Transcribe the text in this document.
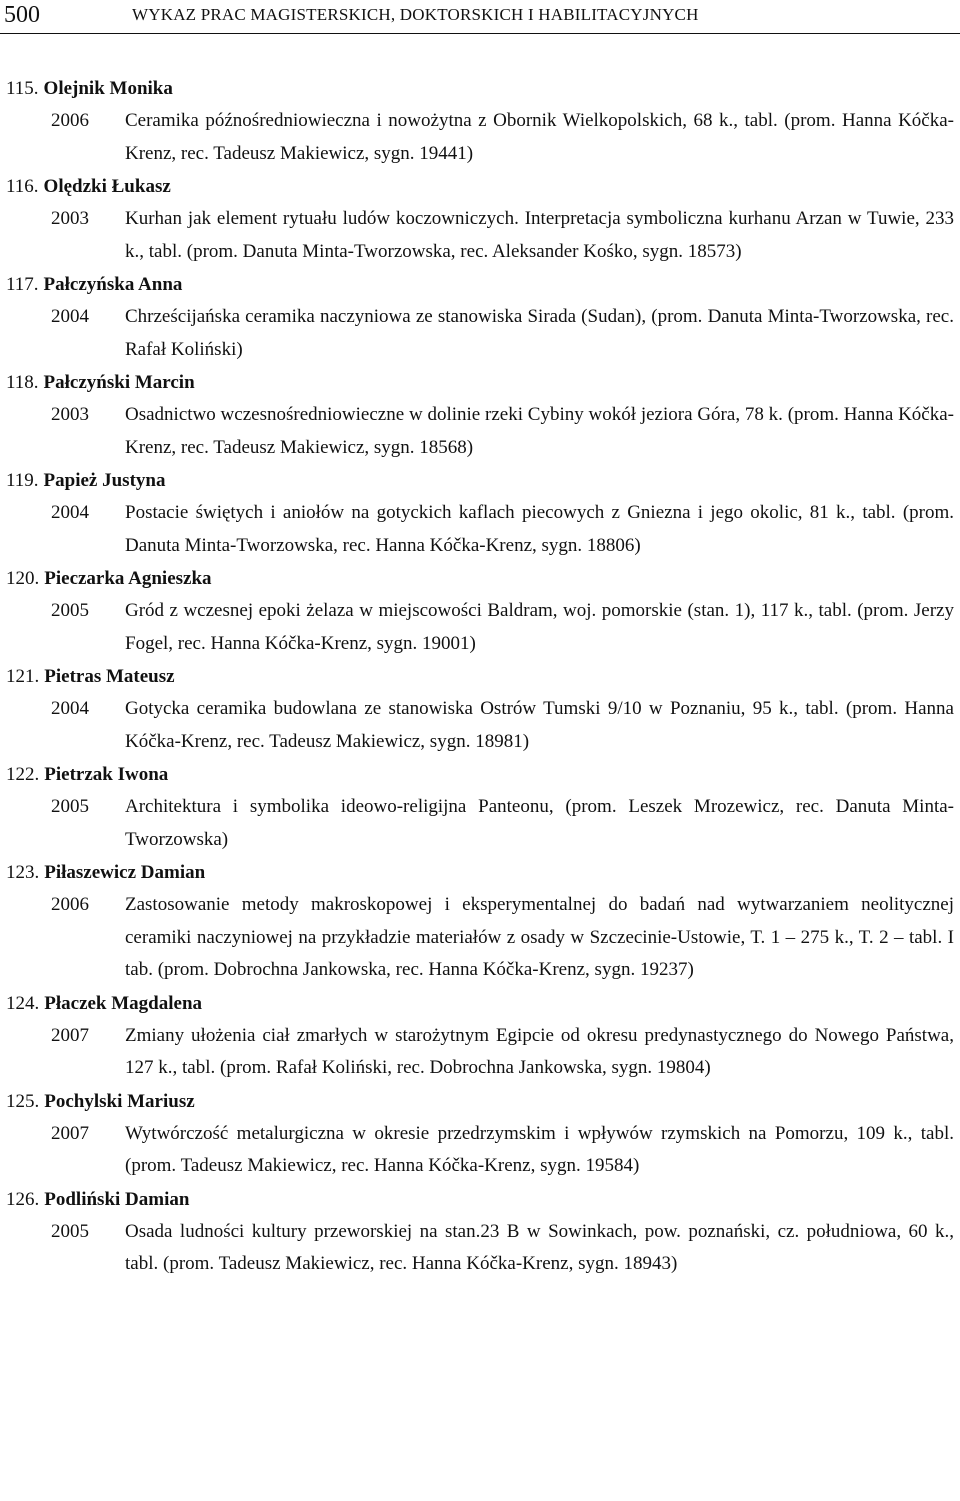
500	WYKAZ PRAC MAGISTERSKICH, DOKTORSKICH I HABILITACYJNYCH
115. Olejnik Monika
2006 Ceramika późnośredniowieczna i nowożytna z Obornik Wielkopolskich, 68 k., tabl. (prom. Hanna Kóčka-Krenz, rec. Tadeusz Makiewicz, sygn. 19441)
116. Olędzki Łukasz
2003 Kurhan jak element rytuału ludów koczowniczych. Interpretacja symboliczna kurhanu Arzan w Tuwie, 233 k., tabl. (prom. Danuta Minta-Tworzowska, rec. Aleksander Kośko, sygn. 18573)
117. Pałczyńska Anna
2004 Chrześcijańska ceramika naczyniowa ze stanowiska Sirada (Sudan), (prom. Danuta Minta-Tworzowska, rec. Rafał Koliński)
118. Pałczyński Marcin
2003 Osadnictwo wczesnośredniowieczne w dolinie rzeki Cybiny wokół jeziora Góra, 78 k. (prom. Hanna Kóčka-Krenz, rec. Tadeusz Makiewicz, sygn. 18568)
119. Papież Justyna
2004 Postacie świętych i aniołów na gotyckich kaflach piecowych z Gniezna i jego okolic, 81 k., tabl. (prom. Danuta Minta-Tworzowska, rec. Hanna Kóčka-Krenz, sygn. 18806)
120. Pieczarka Agnieszka
2005 Gród z wczesnej epoki żelaza w miejscowości Baldram, woj. pomorskie (stan. 1), 117 k., tabl. (prom. Jerzy Fogel, rec. Hanna Kóčka-Krenz, sygn. 19001)
121. Pietras Mateusz
2004 Gotycka ceramika budowlana ze stanowiska Ostrów Tumski 9/10 w Poznaniu, 95 k., tabl. (prom. Hanna Kóčka-Krenz, rec. Tadeusz Makiewicz, sygn. 18981)
122. Pietrzak Iwona
2005 Architektura i symbolika ideowo-religijna Panteonu, (prom. Leszek Mrozewicz, rec. Danuta Minta-Tworzowska)
123. Piłaszewicz Damian
2006 Zastosowanie metody makroskopowej i eksperymentalnej do badań nad wytwarzaniem neolitycznej ceramiki naczyniowej na przykładzie materiałów z osady w Szczecinie-Ustowie, T. 1 – 275 k., T. 2 – tabl. I tab. (prom. Dobrochna Jankowska, rec. Hanna Kóčka-Krenz, sygn. 19237)
124. Płaczek Magdalena
2007 Zmiany ułożenia ciał zmarłych w starożytnym Egipcie od okresu predynastycznego do Nowego Państwa, 127 k., tabl. (prom. Rafał Koliński, rec. Dobrochna Jankowska, sygn. 19804)
125. Pochylski Mariusz
2007 Wytwórczość metalurgiczna w okresie przedrzymskim i wpływów rzymskich na Pomorzu, 109 k., tabl. (prom. Tadeusz Makiewicz, rec. Hanna Kóčka-Krenz, sygn. 19584)
126. Podliński Damian
2005 Osada ludności kultury przeworskiej na stan.23 B w Sowinkach, pow. poznański, cz. południowa, 60 k., tabl. (prom. Tadeusz Makiewicz, rec. Hanna Kóčka-Krenz, sygn. 18943)
